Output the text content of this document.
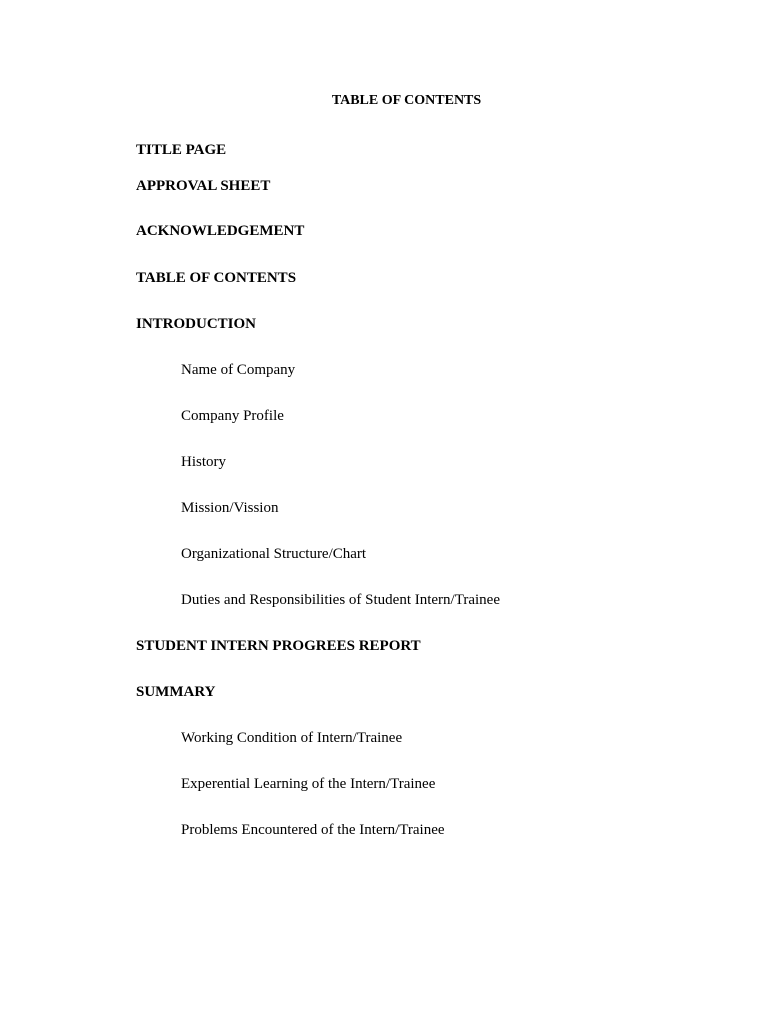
TABLE OF CONTENTS
TITLE PAGE
APPROVAL SHEET
ACKNOWLEDGEMENT
TABLE OF CONTENTS
INTRODUCTION
Name of Company
Company Profile
History
Mission/Vission
Organizational Structure/Chart
Duties and Responsibilities of Student Intern/Trainee
STUDENT INTERN PROGREES REPORT
SUMMARY
Working Condition of Intern/Trainee
Experential Learning of the Intern/Trainee
Problems Encountered of the Intern/Trainee
